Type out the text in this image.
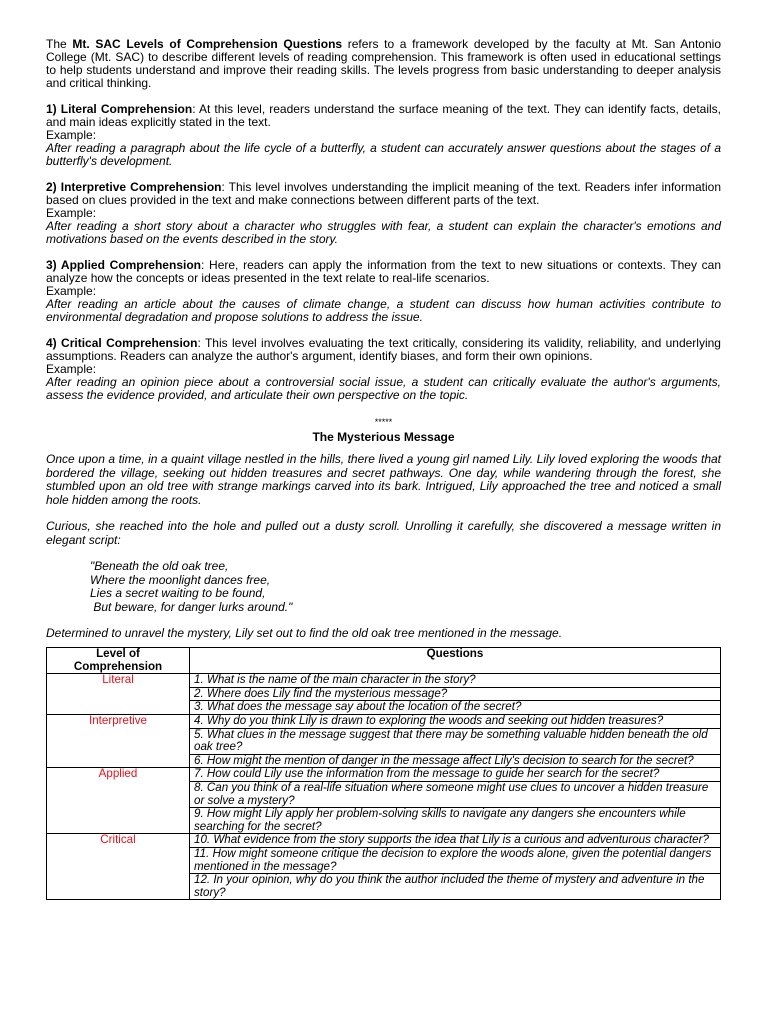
The Mt. SAC Levels of Comprehension Questions refers to a framework developed by the faculty at Mt. San Antonio College (Mt. SAC) to describe different levels of reading comprehension. This framework is often used in educational settings to help students understand and improve their reading skills. The levels progress from basic understanding to deeper analysis and critical thinking.

1) Literal Comprehension: At this level, readers understand the surface meaning of the text. They can identify facts, details, and main ideas explicitly stated in the text.

Example:

After reading a paragraph about the life cycle of a butterfly, a student can accurately answer questions about the stages of a butterfly's development.

2) Interpretive Comprehension: This level involves understanding the implicit meaning of the text. Readers infer information based on clues provided in the text and make connections between different parts of the text.

Example:

After reading a short story about a character who struggles with fear, a student can explain the character's emotions and motivations based on the events described in the story.

3) Applied Comprehension: Here, readers can apply the information from the text to new situations or contexts. They can analyze how the concepts or ideas presented in the text relate to real-life scenarios.

Example:

After reading an article about the causes of climate change, a student can discuss how human activities contribute to environmental degradation and propose solutions to address the issue.

4) Critical Comprehension: This level involves evaluating the text critically, considering its validity, reliability, and underlying assumptions. Readers can analyze the author's argument, identify biases, and form their own opinions.

Example:

After reading an opinion piece about a controversial social issue, a student can critically evaluate the author's arguments, assess the evidence provided, and articulate their own perspective on the topic.

*****

The Mysterious Message

Once upon a time, in a quaint village nestled in the hills, there lived a young girl named Lily. Lily loved exploring the woods that bordered the village, seeking out hidden treasures and secret pathways. One day, while wandering through the forest, she stumbled upon an old tree with strange markings carved into its bark. Intrigued, Lily approached the tree and noticed a small hole hidden among the roots.

Curious, she reached into the hole and pulled out a dusty scroll. Unrolling it carefully, she discovered a message written in elegant script:

"Beneath the old oak tree,
Where the moonlight dances free,
Lies a secret waiting to be found,
But beware, for danger lurks around."

Determined to unravel the mystery, Lily set out to find the old oak tree mentioned in the message.

Level of Comprehension	Questions
Literal	1. What is the name of the main character in the story?
	2. Where does Lily find the mysterious message?
	3. What does the message say about the location of the secret?
Interpretive	4. Why do you think Lily is drawn to exploring the woods and seeking out hidden treasures?
	5. What clues in the message suggest that there may be something valuable hidden beneath the old oak tree?
	6. How might the mention of danger in the message affect Lily's decision to search for the secret?
Applied	7. How could Lily use the information from the message to guide her search for the secret?
	8. Can you think of a real-life situation where someone might use clues to uncover a hidden treasure or solve a mystery?
	9. How might Lily apply her problem-solving skills to navigate any dangers she encounters while searching for the secret?
Critical	10. What evidence from the story supports the idea that Lily is a curious and adventurous character?
	11. How might someone critique the decision to explore the woods alone, given the potential dangers mentioned in the message?
	12. In your opinion, why do you think the author included the theme of mystery and adventure in the story?
